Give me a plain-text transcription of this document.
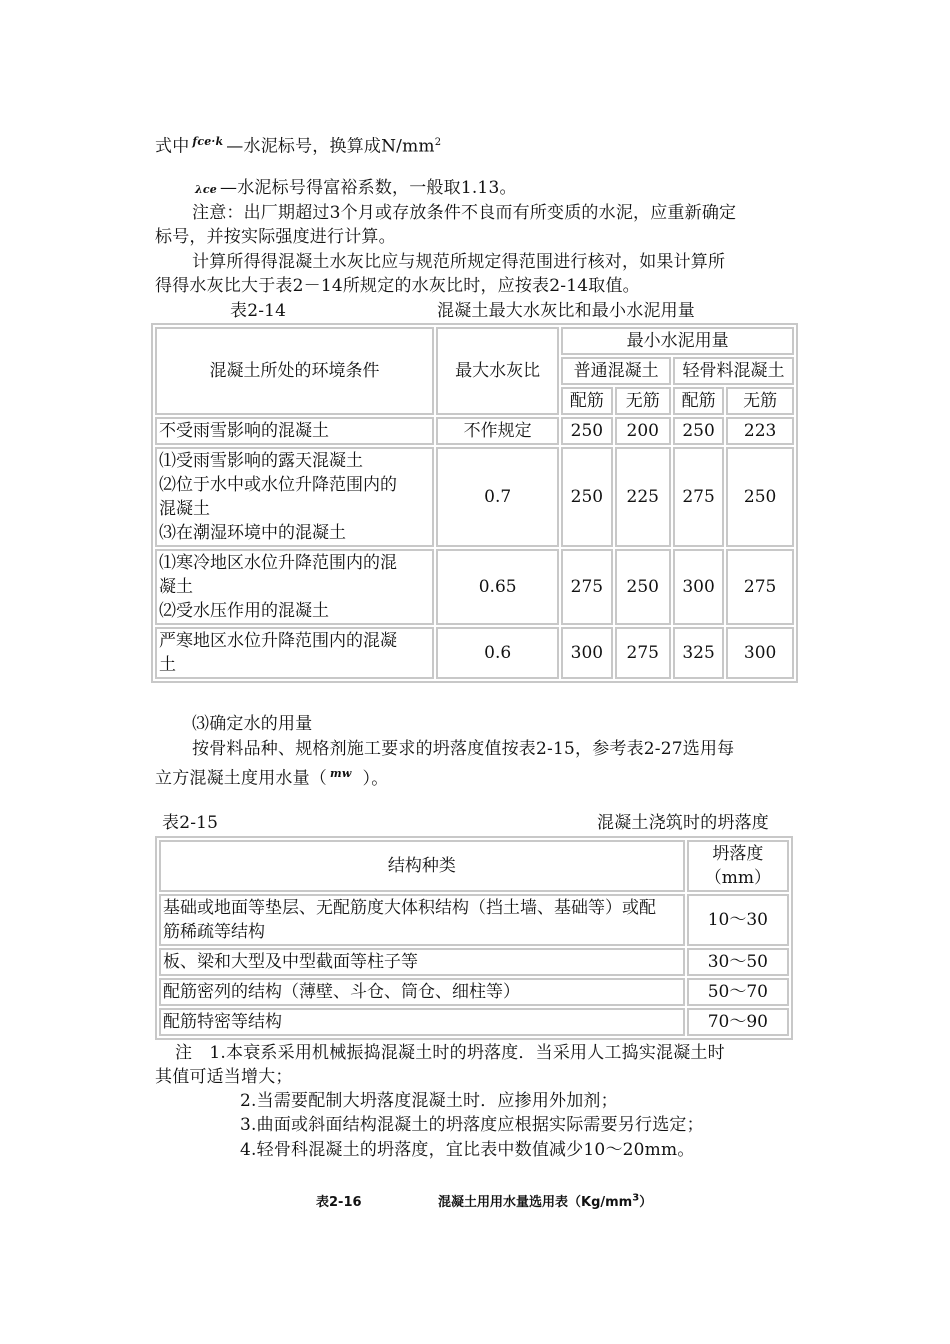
式中 $^{fce\cdot k}$ —水泥标号，换算成$N/mm^2$
λce —水泥标号得富裕系数，一般取1.13。
注意：出厂期超过3个月或存放条件不良而有所变质的水泥，应重新确定
标号，并按实际强度进行计算。
计算所得得混凝土水灰比应与规范所规定得范围进行核对，如果计算所
得得水灰比大于表2－14所规定的水灰比时，应按表2-14取值。
表2-14	混凝土最大水灰比和最小水泥用量
混凝土所处的环境条件	最大水灰比	最小水泥用量			
		普通混凝土		轻骨料混凝土	
		配筋	无筋	配筋	无筋
不受雨雪影响的混凝土	不作规定	250	200	250	223

⑴受雨雪影响的露天混凝土
⑵位于水中或水位升降范围内的
混凝土
⑶在潮湿环境中的混凝土	0.7	250	225	275	250

⑴寒冷地区水位升降范围内的混
凝土
⑵受水压作用的混凝土	0.65	275	250	300	275

严寒地区水位升降范围内的混凝
土	0.6	300	275	325	300
⑶确定水的用量
按骨料品种、规格剂施工要求的坍落度值按表2-15，参考表2-27选用每
立方混凝土度用水量（ $^{mw}$ ）。
表2-15	混凝土浇筑时的坍落度
结构种类	坍落度（mm）

基础或地面等垫层、无配筋度大体积结构（挡土墙、基础等）或配
筋稀疏等结构	10～30
板、梁和大型及中型截面等柱子等	30～50
配筋密列的结构（薄壁、斗仓、筒仓、细柱等）	50～70
配筋特密等结构	70～90
注　1.本衰系采用机械振捣混凝土时的坍落度．当采用人工捣实混凝土时
其值可适当增大；
2.当需要配制大坍落度混凝土时．应掺用外加剂；
3.曲面或斜面结构混凝土的坍落度应根据实际需要另行选定；
4.轻骨科混凝土的坍落度，宜比表中数值减少10～20mm。
表2-16	混凝土用用水量选用表$(Kg/mm^3)$
